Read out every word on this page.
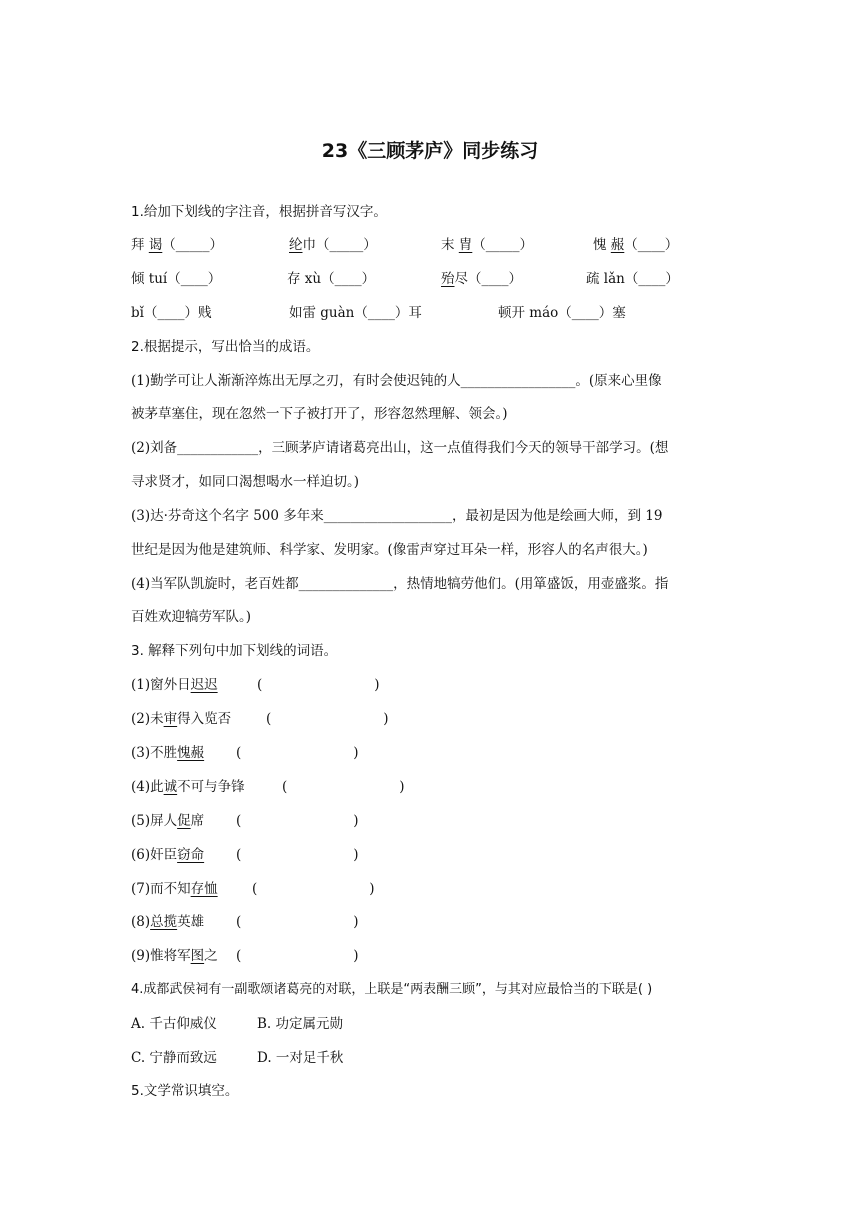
23《三顾茅庐》同步练习
1.给加下划线的字注音，根据拼音写汉字。
拜 谒（_____）	纶巾（_____）	末 胄（_____）	愧 赧（____）
倾 tuí（____）	存 xù（____）	殆尽（____）	疏 lǎn（____）
bǐ（____）贱	如雷 guàn（____）耳	顿开 máo（____）塞
2.根据提示，写出恰当的成语。
(1)勤学可让人渐渐淬炼出无厚之刃，有时会使迟钝的人_________________。(原来心里像
被茅草塞住，现在忽然一下子被打开了，形容忽然理解、领会。)
(2)刘备____________，三顾茅庐请诸葛亮出山，这一点值得我们今天的领导干部学习。(想
寻求贤才，如同口渴想喝水一样迫切。)
(3)达·芬奇这个名字 500 多年来___________________，最初是因为他是绘画大师，到 19
世纪是因为他是建筑师、科学家、发明家。(像雷声穿过耳朵一样，形容人的名声很大。)
(4)当军队凯旋时，老百姓都______________，热情地犒劳他们。(用箪盛饭，用壶盛浆。指
百姓欢迎犒劳军队。)
3. 解释下列句中加下划线的词语。
(1)窗外日迟迟	(	)
(2)未审得入览否	(	)
(3)不胜愧赧 (	)
(4)此诚不可与争锋	(	)
(5)屏人促席 (	)
(6)奸臣窃命 (	)
(7)而不知存恤	(	)
(8)总揽英雄 (	)
(9)惟将军图之 (	)
4.成都武侯祠有一副歌颂诸葛亮的对联，上联是“两表酬三顾”，与其对应最恰当的下联是( )
A. 千古仰威仪	B. 功定属元勋
C. 宁静而致远	D. 一对足千秋
5.文学常识填空。
